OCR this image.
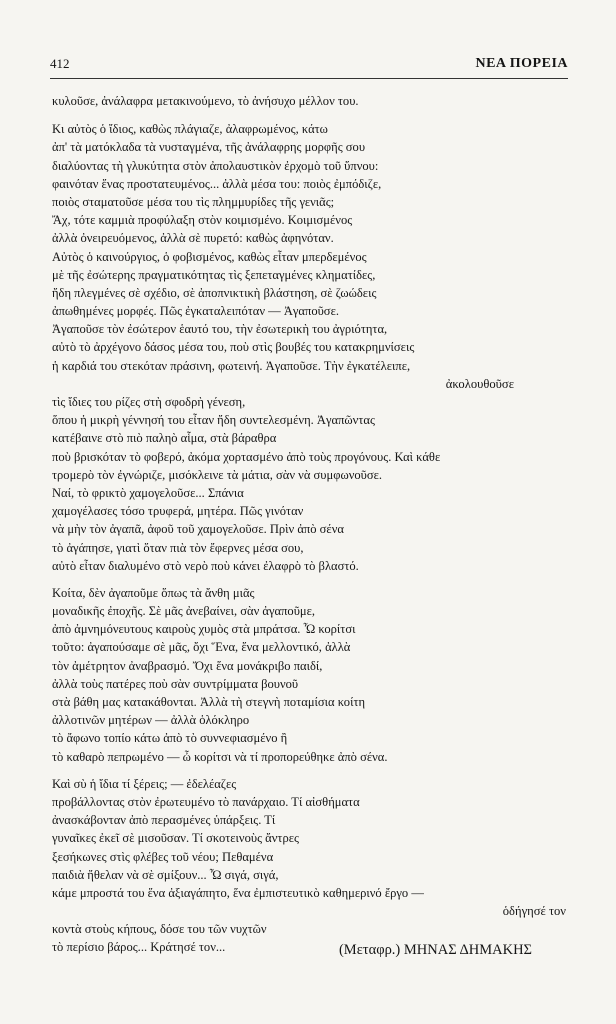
412	ΝΕΑ ΠΟΡΕΙΑ
κυλοῦσε, ἀνάλαφρα μετακινούμενο, τὸ ἀνήσυχο μέλλον του.
Κι αὐτὸς ὁ ἴδιος, καθὼς πλάγιαζε, ἀλαφρωμένος, κάτω
ἀπ' τὰ ματόκλαδα τὰ νυσταγμένα, τῆς ἀνάλαφρης μορφῆς σου
διαλύοντας τὴ γλυκύτητα στὸν ἀπολαυστικὸν ἐρχομὸ τοῦ ὕπνου:
φαινόταν ἕνας προστατευμένος... ἀλλὰ μέσα του: ποιὸς ἐμπόδιζε,
ποιὸς σταματοῦσε μέσα του τὶς πλημμυρίδες τῆς γενιᾶς;
Ἄχ, τότε καμμιὰ προφύλαξη στὸν κοιμισμένο. Κοιμισμένος
ἀλλὰ ὀνειρευόμενος, ἀλλὰ σὲ πυρετό: καθὼς ἀφηνόταν.
Αὐτὸς ὁ καινούργιος, ὁ φοβισμένος, καθὼς εἶταν μπερδεμένος
μὲ τῆς ἐσώτερης πραγματικότητας τὶς ξεπεταγμένες κληματίδες,
ἤδη πλεγμένες σὲ σχέδιο, σὲ ἀποπνικτικὴ βλάστηση, σὲ ζωώδεις
ἀπωθημένες μορφές. Πῶς ἐγκαταλειπόταν — Ἀγαποῦσε.
Ἀγαποῦσε τὸν ἐσώτερον ἑαυτό του, τὴν ἐσωτερικὴ του ἀγριότητα,
αὐτὸ τὸ ἀρχέγονο δάσος μέσα του, ποὺ στὶς βουβές του κατακρημνίσεις
ἡ καρδιά του στεκόταν πράσινη, φωτεινή. Ἀγαποῦσε. Τὴν ἐγκατέλειπε,
ἀκολουθοῦσε
τὶς ἴδιες του ρίζες στὴ σφοδρὴ γένεση,
ὅπου ἡ μικρὴ γέννησή του εἶταν ἤδη συντελεσμένη. Ἀγαπῶντας
κατέβαινε στὸ πιὸ παληὸ αἷμα, στὰ βάραθρα
ποὺ βρισκόταν τὸ φοβερό, ἀκόμα χορτασμένο ἀπὸ τοὺς προγόνους. Καὶ κάθε
τρομερὸ τὸν ἐγνώριζε, μισόκλεινε τὰ μάτια, σὰν νὰ συμφωνοῦσε.
Ναί, τὸ φρικτὸ χαμογελοῦσε... Σπάνια
χαμογέλασες τόσο τρυφερά, μητέρα. Πῶς γινόταν
νὰ μὴν τὸν ἀγαπᾶ, ἀφοῦ τοῦ χαμογελοῦσε. Πρὶν ἀπὸ σένα
τὸ ἀγάπησε, γιατὶ ὅταν πιὰ τὸν ἔφερνες μέσα σου,
αὐτὸ εἶταν διαλυμένο στὸ νερὸ ποὺ κάνει ἐλαφρὸ τὸ βλαστό.
Κοίτα, δὲν ἀγαποῦμε ὅπως τὰ ἄνθη μιᾶς
μοναδικῆς ἐποχῆς. Σὲ μᾶς ἀνεβαίνει, σὰν ἀγαποῦμε,
ἀπὸ ἀμνημόνευτους καιροὺς χυμὸς στὰ μπράτσα. Ὦ κορίτσι
τοῦτο: ἀγαπούσαμε σὲ μᾶς, ὄχι Ἕνα, ἕνα μελλοντικό, ἀλλὰ
τὸν ἀμέτρητον ἀναβρασμό. Ὄχι ἕνα μονάκριβο παιδί,
ἀλλὰ τοὺς πατέρες ποὺ σὰν συντρίμματα βουνοῦ
στὰ βάθη μας κατακάθονται. Ἀλλὰ τὴ στεγνὴ ποταμίσια κοίτη
ἀλλοτινῶν μητέρων — ἀλλὰ ὁλόκληρο
τὸ ἄφωνο τοπίο κάτω ἀπὸ τὸ συννεφιασμένο ἢ
τὸ καθαρὸ πεπρωμένο — ὦ κορίτσι νὰ τί προπορεύθηκε ἀπὸ σένα.
Καὶ σὺ ἡ ἴδια τί ξέρεις; — ἐδελέαζες
προβάλλοντας στὸν ἐρωτευμένο τὸ πανάρχαιο. Τί αἰσθήματα
ἀνασκάβονταν ἀπὸ περασμένες ὑπάρξεις. Τί
γυναῖκες ἐκεῖ σὲ μισοῦσαν. Τί σκοτεινοὺς ἄντρες
ξεσήκωνες στὶς φλέβες τοῦ νέου; Πεθαμένα
παιδιὰ ἤθελαν νὰ σὲ σμίξουν... Ὦ σιγά, σιγά,
κάμε μπροστά του ἕνα ἀξιαγάπητο, ἕνα ἐμπιστευτικὸ καθημερινό ἔργο —
ὁδήγησέ τον
κοντὰ στοὺς κήπους, δόσε του τῶν νυχτῶν
τὸ περίσιο βάρος... Κράτησέ τον...	(Μεταφρ.) ΜΗΝΑΣ ΔΗΜΑΚΗΣ
